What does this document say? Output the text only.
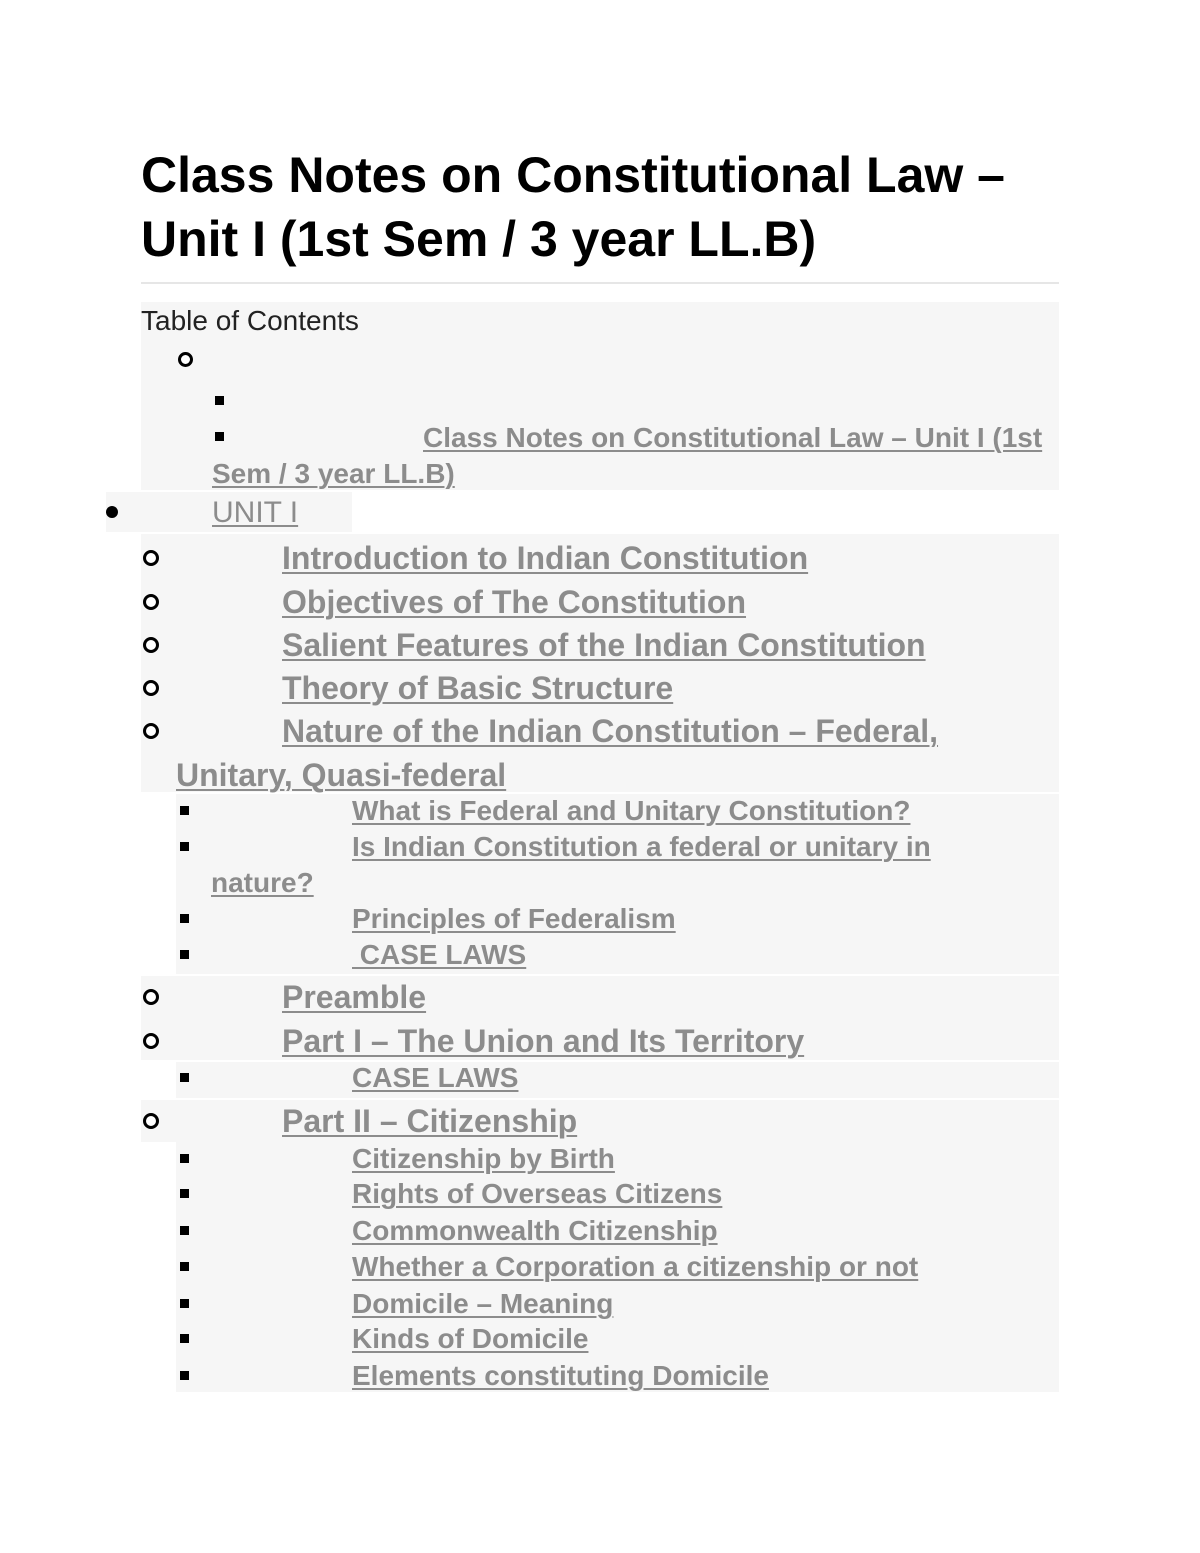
Class Notes on Constitutional Law – Unit I (1st Sem / 3 year LL.B)
Table of Contents

Class Notes on Constitutional Law – Unit I (1st Sem / 3 year LL.B)

UNIT I

Introduction to Indian Constitution

Objectives of The Constitution

Salient Features of the Indian Constitution

Theory of Basic Structure

Nature of the Indian Constitution – Federal, Unitary, Quasi-federal

What is Federal and Unitary Constitution?

Is Indian Constitution a federal or unitary in nature?

Principles of Federalism

CASE LAWS

Preamble

Part I – The Union and Its Territory

CASE LAWS

Part II – Citizenship

Citizenship by Birth

Rights of Overseas Citizens

Commonwealth Citizenship

Whether a Corporation a citizenship or not

Domicile – Meaning

Kinds of Domicile

Elements constituting Domicile
